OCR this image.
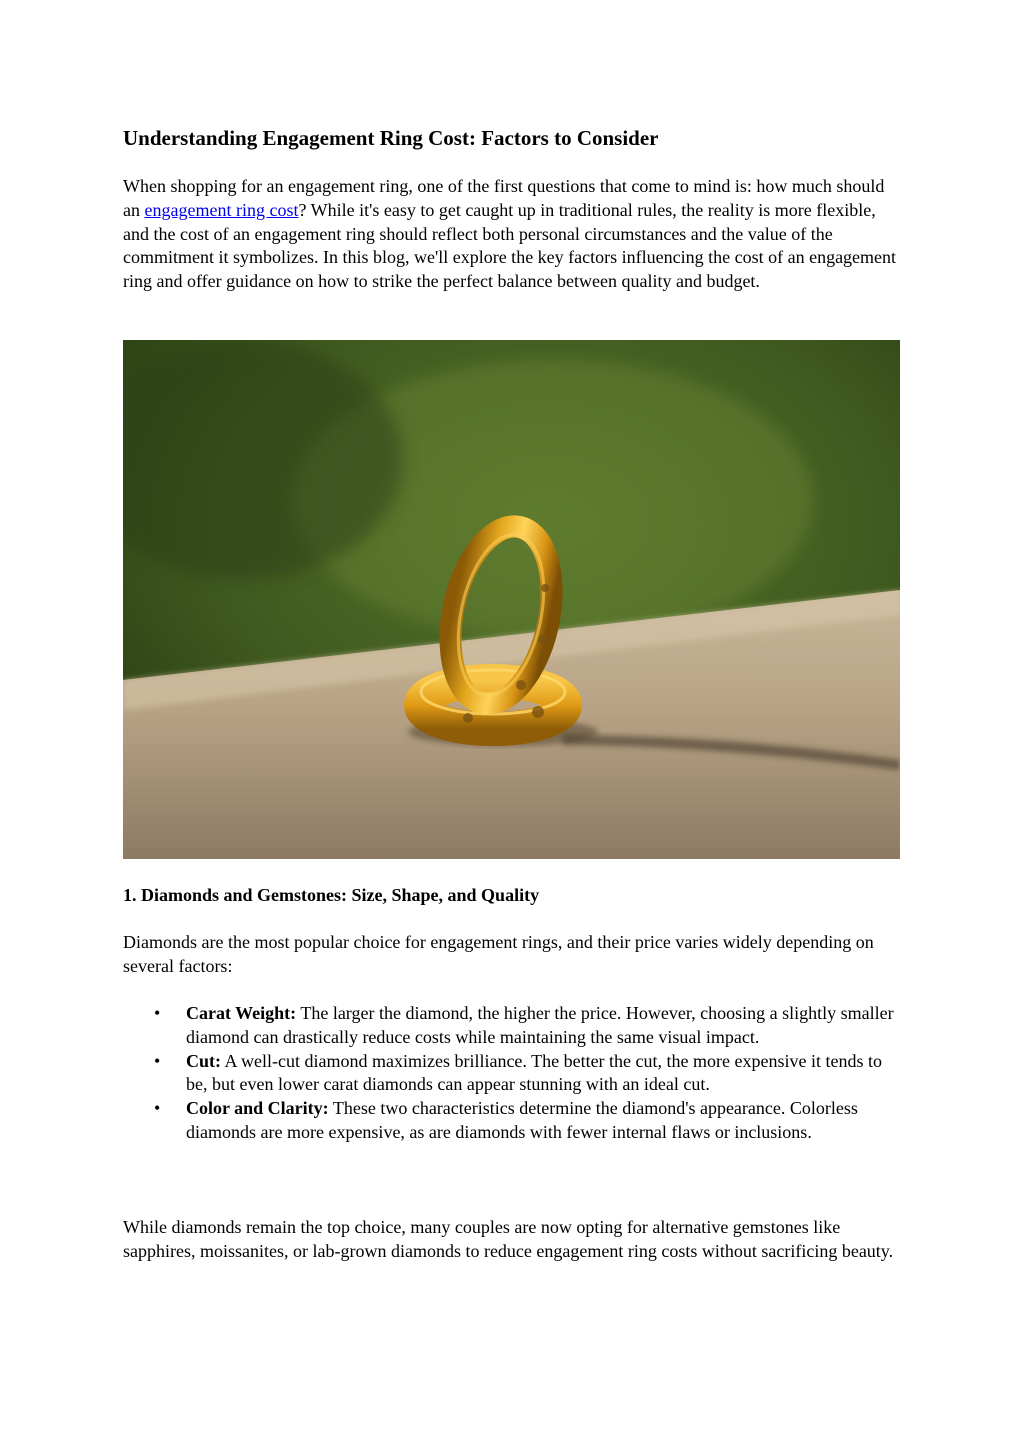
Understanding Engagement Ring Cost: Factors to Consider

When shopping for an engagement ring, one of the first questions that come to mind is: how much should an engagement ring cost? While it's easy to get caught up in traditional rules, the reality is more flexible, and the cost of an engagement ring should reflect both personal circumstances and the value of the commitment it symbolizes. In this blog, we'll explore the key factors influencing the cost of an engagement ring and offer guidance on how to strike the perfect balance between quality and budget.

1. Diamonds and Gemstones: Size, Shape, and Quality

Diamonds are the most popular choice for engagement rings, and their price varies widely depending on several factors:

• Carat Weight: The larger the diamond, the higher the price. However, choosing a slightly smaller diamond can drastically reduce costs while maintaining the same visual impact.
• Cut: A well-cut diamond maximizes brilliance. The better the cut, the more expensive it tends to be, but even lower carat diamonds can appear stunning with an ideal cut.
• Color and Clarity: These two characteristics determine the diamond's appearance. Colorless diamonds are more expensive, as are diamonds with fewer internal flaws or inclusions.

While diamonds remain the top choice, many couples are now opting for alternative gemstones like sapphires, moissanites, or lab-grown diamonds to reduce engagement ring costs without sacrificing beauty.
